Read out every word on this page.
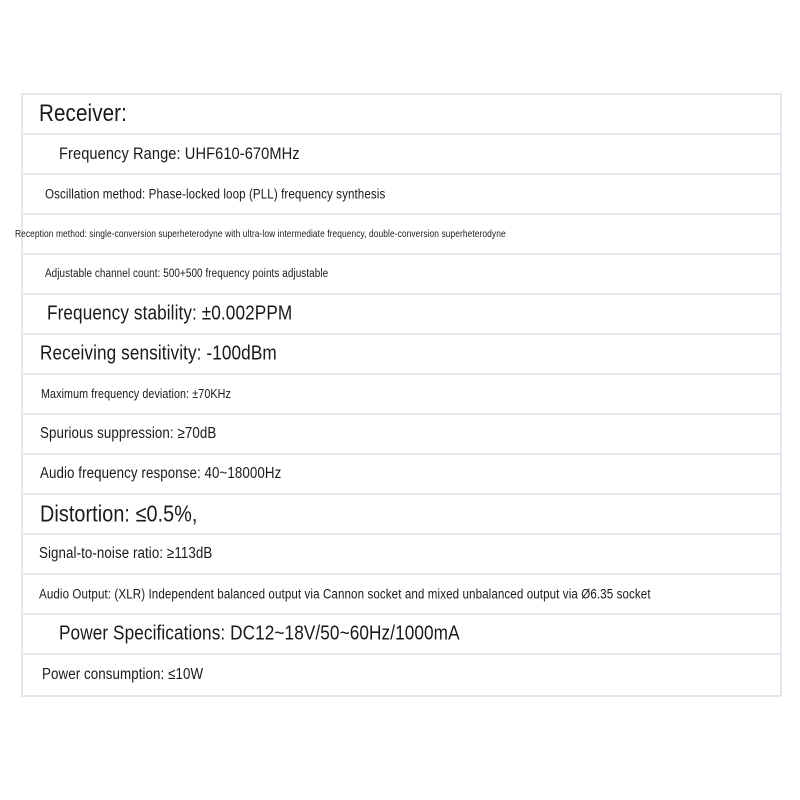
Receiver:
Frequency Range: UHF610-670MHz
Oscillation method: Phase-locked loop (PLL) frequency synthesis
Reception method: single-conversion superheterodyne with ultra-low intermediate frequency, double-conversion superheterodyne
Adjustable channel count: 500+500 frequency points adjustable
Frequency stability: ±0.002PPM
Receiving sensitivity: -100dBm
Maximum frequency deviation: ±70KHz
Spurious suppression: ≥70dB
Audio frequency response: 40~18000Hz
Distortion: ≤0.5%,
Signal-to-noise ratio: ≥113dB
Audio Output: (XLR) Independent balanced output via Cannon socket and mixed unbalanced output via Ø6.35 socket
Power Specifications: DC12~18V/50~60Hz/1000mA
Power consumption: ≤10W
